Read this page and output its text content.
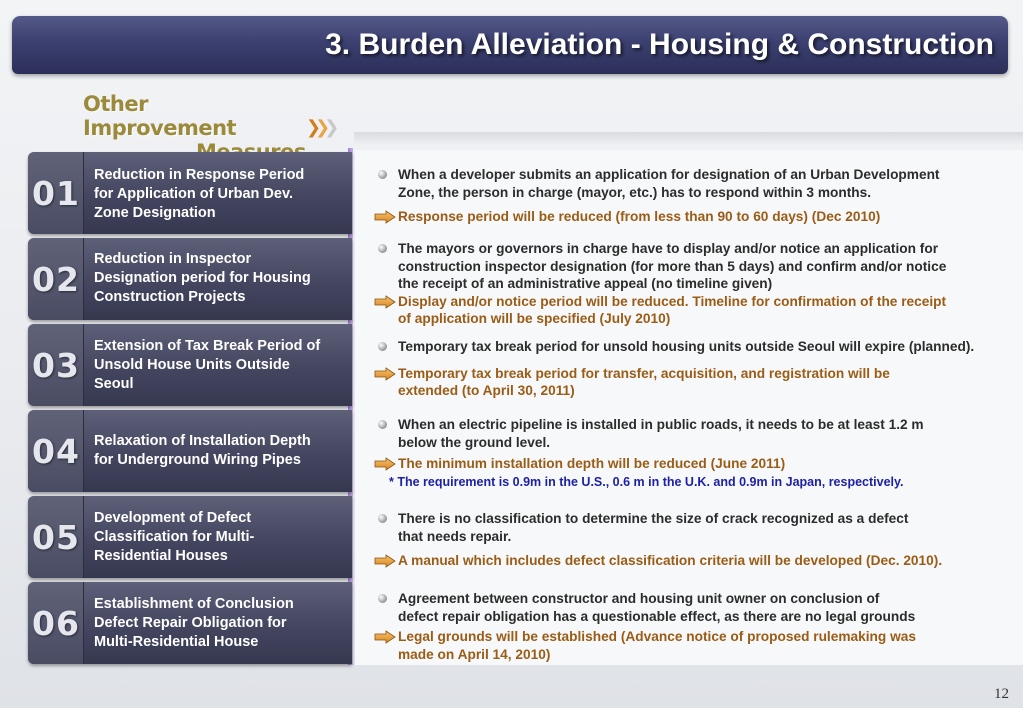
3. Burden Alleviation - Housing & Construction
Other Improvement	❯❯❯
01 Reduction in Response Period
for Application of Urban Dev.
Zone Designation
02
Reduction in Inspector
Designation period for Housing
Construction Projects
03 Extension of Tax Break Period of
Unsold House Units Outside
Seoul
04 Relaxation of Installation Depth
for Underground Wiring Pipes
05 Development of Defect
Classification for Multi-
Residential Houses
06 Establishment of Conclusion
Defect Repair Obligation for
Multi-Residential House
When a developer submits an application for designation of an Urban Development
Zone, the person in charge (mayor, etc.) has to respond within 3 months.
Response period will be reduced (from less than 90 to 60 days) (Dec 2010)
The mayors or governors in charge have to display and/or notice an application for
construction inspector designation (for more than 5 days) and confirm and/or notice
the receipt of an administrative appeal (no timeline given)
Display and/or notice period will be reduced. Timeline for confirmation of the receipt
of application will be specified (July 2010)
Temporary tax break period for unsold housing units outside Seoul will expire (planned).
Temporary tax break period for transfer, acquisition, and registration will be
extended (to April 30, 2011)
When an electric pipeline is installed in public roads, it needs to be at least 1.2 m
below the ground level.
The minimum installation depth will be reduced (June 2011)
* The requirement is 0.9m in the U.S., 0.6 m in the U.K. and 0.9m in Japan, respectively.
There is no classification to determine the size of crack recognized as a defect
that needs repair.
A manual which includes defect classification criteria will be developed (Dec. 2010).
Agreement between constructor and housing unit owner on conclusion of
defect repair obligation has a questionable effect, as there are no legal grounds
Legal grounds will be established (Advance notice of proposed rulemaking was
made on April 14, 2010)
12
